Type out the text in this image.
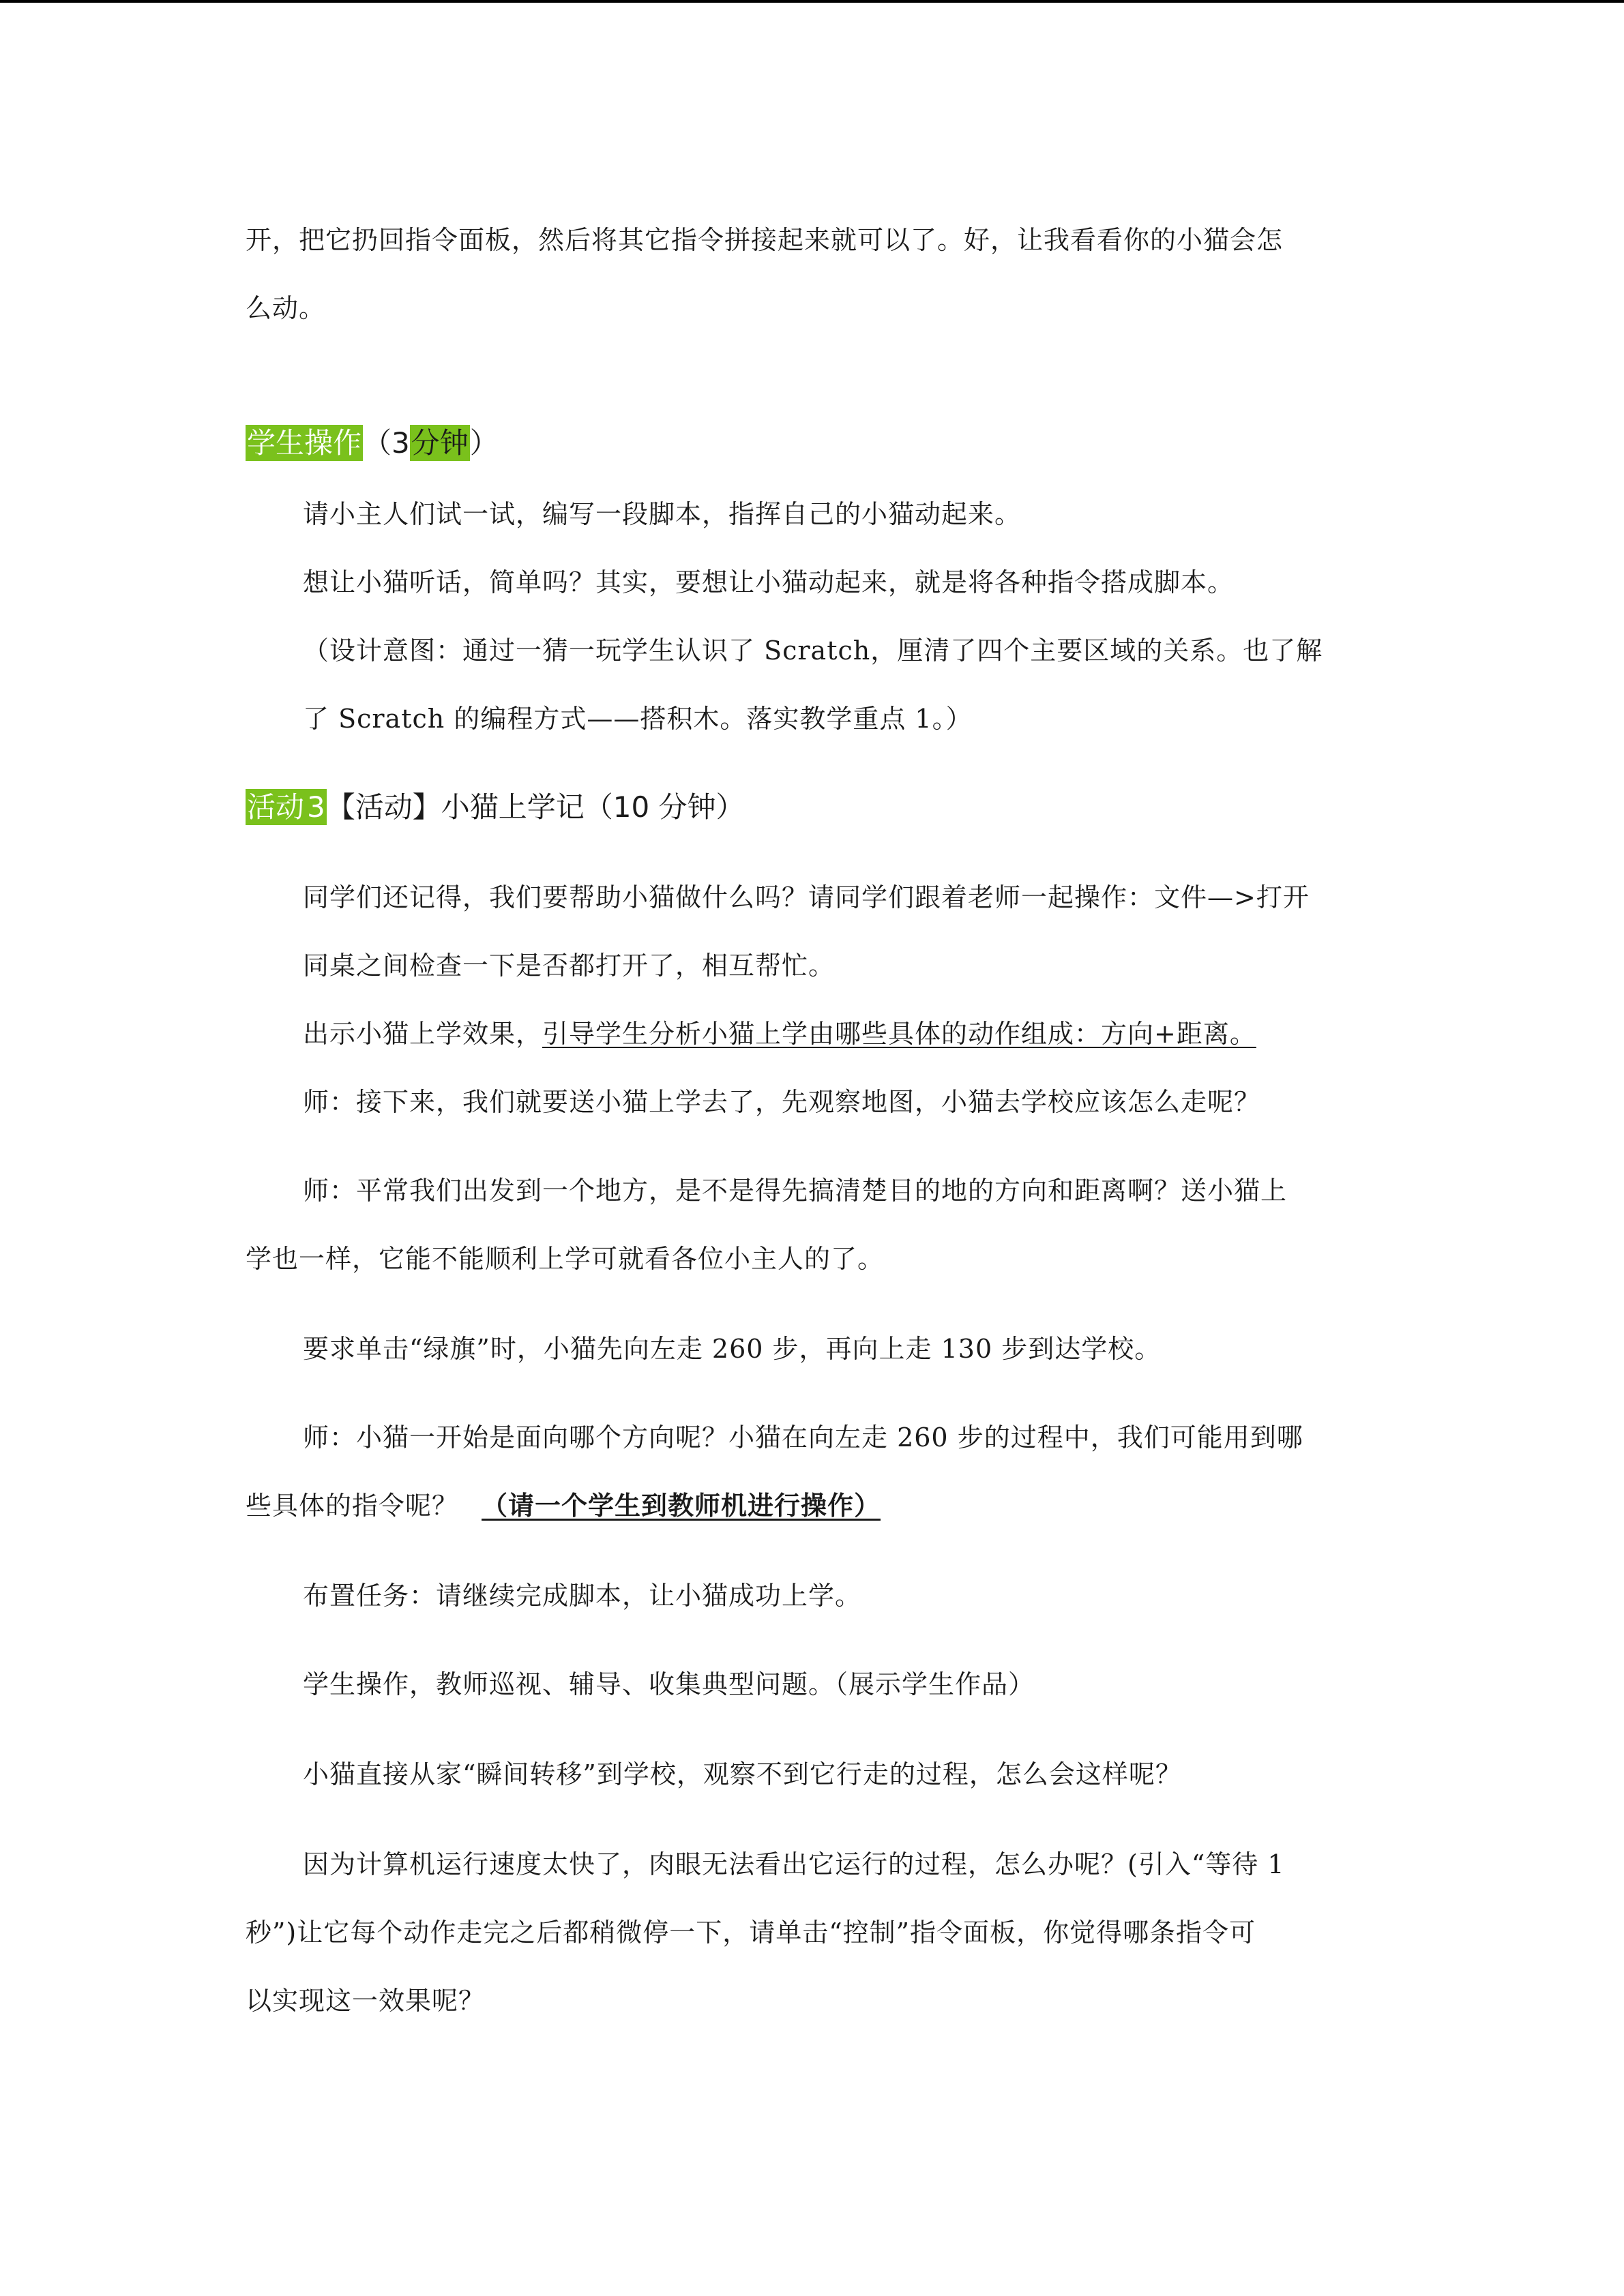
开，把它扔回指令面板，然后将其它指令拼接起来就可以了。好，让我看看你的小猫会怎
么动。
学生操作（3分钟）
请小主人们试一试，编写一段脚本，指挥自己的小猫动起来。
想让小猫听话，简单吗？其实，要想让小猫动起来，就是将各种指令搭成脚本。
（设计意图：通过一猜一玩学生认识了 Scratch，厘清了四个主要区域的关系。也了解
了 Scratch 的编程方式——搭积木。落实教学重点 1。）
活动3【活动】小猫上学记（10 分钟）
同学们还记得，我们要帮助小猫做什么吗？请同学们跟着老师一起操作：文件—>打开
同桌之间检查一下是否都打开了，相互帮忙。
出示小猫上学效果，引导学生分析小猫上学由哪些具体的动作组成：方向+距离。
师：接下来，我们就要送小猫上学去了，先观察地图，小猫去学校应该怎么走呢？
师：平常我们出发到一个地方，是不是得先搞清楚目的地的方向和距离啊？送小猫上
学也一样，它能不能顺利上学可就看各位小主人的了。
要求单击“绿旗”时，小猫先向左走 260 步，再向上走 130 步到达学校。
师：小猫一开始是面向哪个方向呢？小猫在向左走 260 步的过程中，我们可能用到哪
些具体的指令呢？ （请一个学生到教师机进行操作）
布置任务：请继续完成脚本，让小猫成功上学。
学生操作，教师巡视、辅导、收集典型问题。（展示学生作品）
小猫直接从家“瞬间转移”到学校，观察不到它行走的过程，怎么会这样呢？
因为计算机运行速度太快了，肉眼无法看出它运行的过程，怎么办呢？(引入“等待 1
秒”)让它每个动作走完之后都稍微停一下，请单击“控制”指令面板，你觉得哪条指令可
以实现这一效果呢？
